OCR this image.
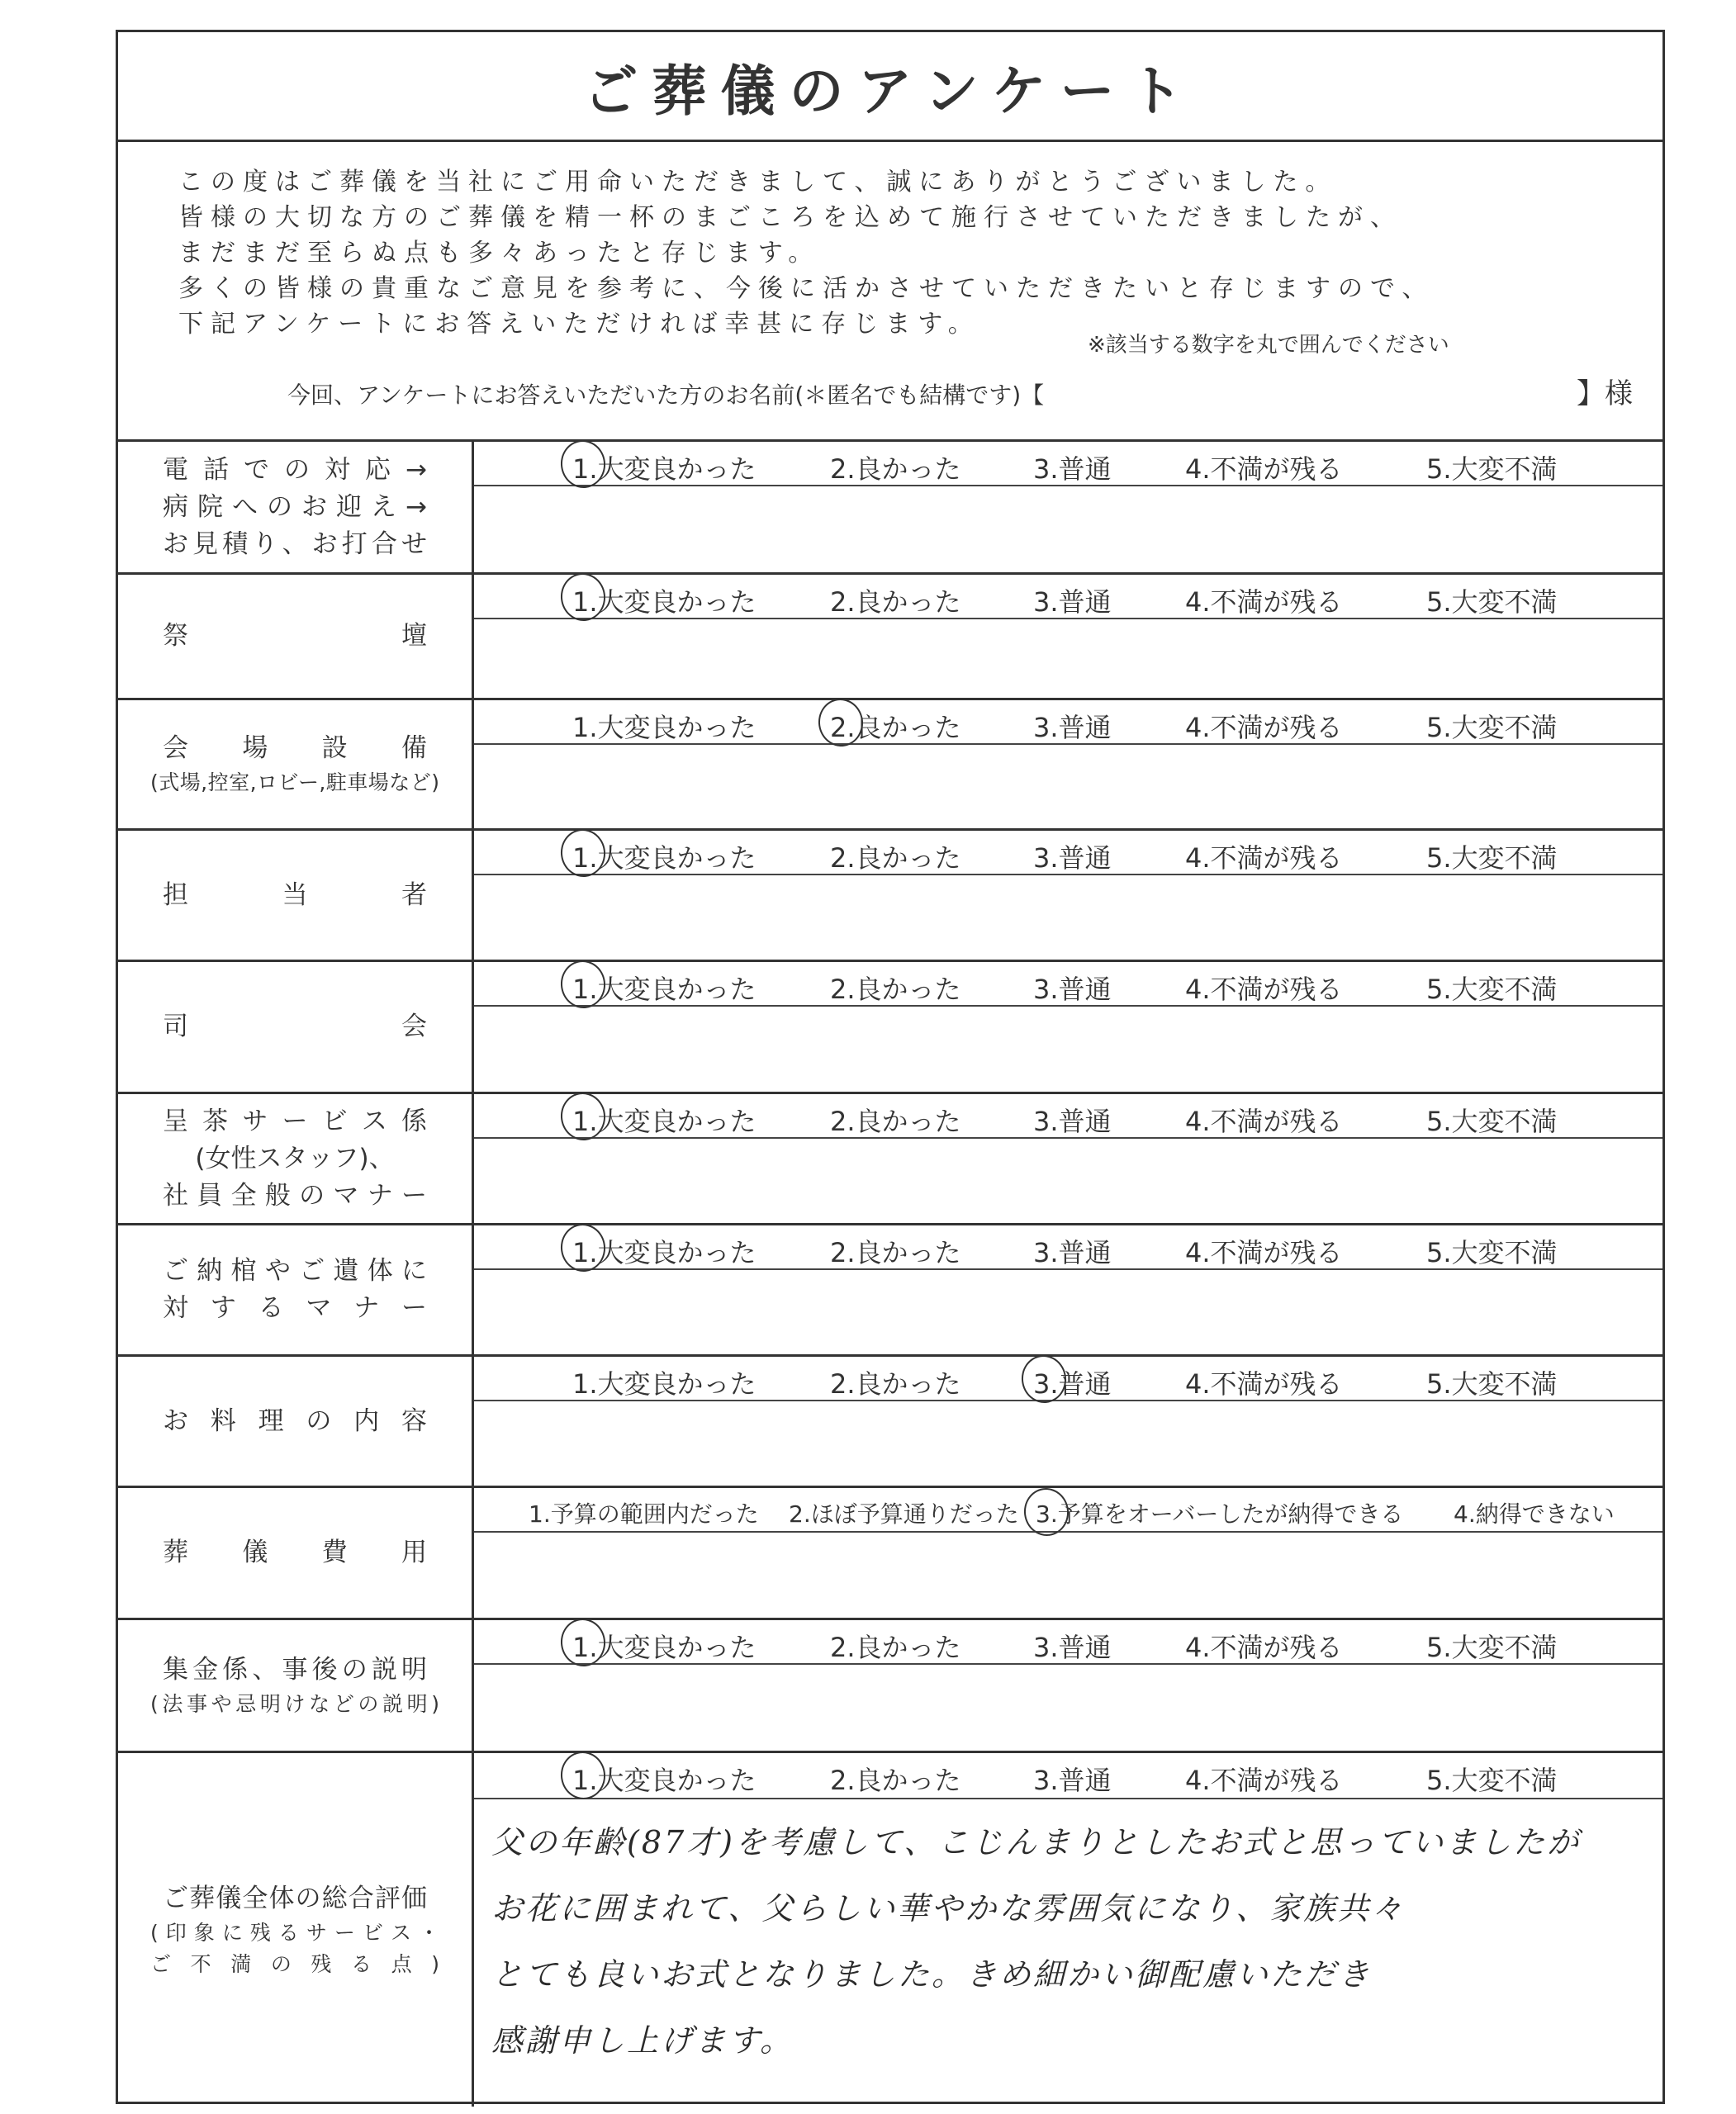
ご葬儀のアンケート
この度はご葬儀を当社にご用命いただきまして、誠にありがとうございました。
皆様の大切な方のご葬儀を精一杯のまごころを込めて施行させていただきましたが、
まだまだ至らぬ点も多々あったと存じます。
多くの皆様の貴重なご意見を参考に、今後に活かさせていただきたいと存じますので、
下記アンケートにお答えいただければ幸甚に存じます。
※該当する数字を丸で囲んでください
今回、アンケートにお答えいただいた方のお名前(＊匿名でも結構です)【	】様
電話での対応→
病院へのお迎え→
お見積り、お打合せ
1.大変良かった	2.良かった	3.普通	4.不満が残る	5.大変不満
祭　　壇
1.大変良かった	2.良かった	3.普通	4.不満が残る	5.大変不満
会場設備
(式場,控室,ロビー,駐車場など)
1.大変良かった	2.良かった	3.普通	4.不満が残る	5.大変不満
担　当　者
1.大変良かった	2.良かった	3.普通	4.不満が残る	5.大変不満
司　　会
1.大変良かった	2.良かった	3.普通	4.不満が残る	5.大変不満
呈茶サービス係
(女性スタッフ)、
社員全般のマナー
1.大変良かった	2.良かった	3.普通	4.不満が残る	5.大変不満
ご納棺やご遺体に
対するマナー
1.大変良かった	2.良かった	3.普通	4.不満が残る	5.大変不満
お料理の内容
1.大変良かった	2.良かった	3.普通	4.不満が残る	5.大変不満
葬儀費用
1.予算の範囲内だった 2.ほぼ予算通りだった 3.予算をオーバーしたが納得できる 4.納得できない
集金係、事後の説明
(法事や忌明けなどの説明)
1.大変良かった	2.良かった	3.普通	4.不満が残る	5.大変不満
ご葬儀全体の総合評価
(印象に残るサービス・
ご不満の残る点)
1.大変良かった	2.良かった	3.普通	4.不満が残る	5.大変不満
父の年齢(87才)を考慮して、こじんまりとしたお式と思っていましたが
お花に囲まれて、父らしい華やかな雰囲気になり、家族共々
とても良いお式となりました。きめ細かい御配慮いただき
感謝申し上げます。
